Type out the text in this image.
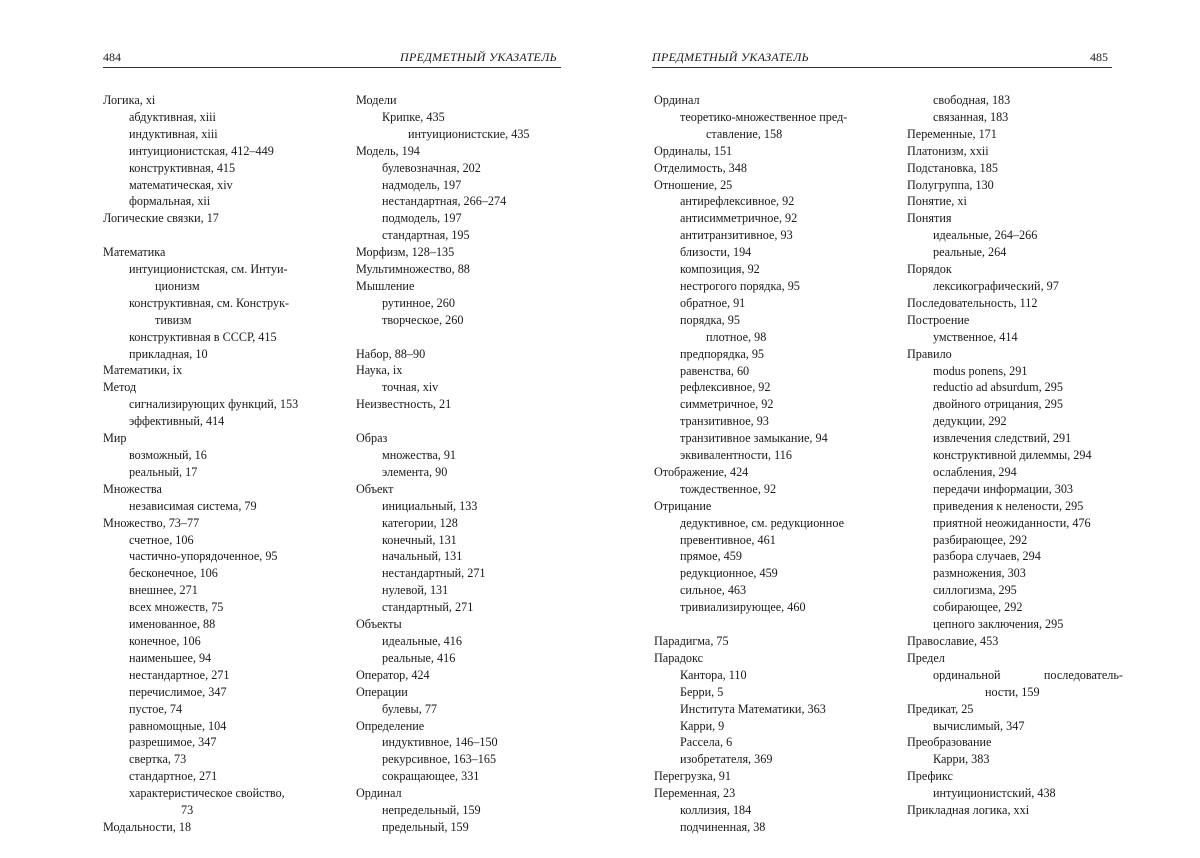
484	ПРЕДМЕТНЫЙ УКАЗАТЕЛЬ
Логика, xi
абдуктивная, xiii
индуктивная, xiii
интуиционистская, 412–449
конструктивная, 415
математическая, xiv
формальная, xii
Логические связки, 17
Математика
интуиционистская, см. Интуи-
ционизм
конструктивная, см. Конструк-
тивизм
конструктивная в СССР, 415
прикладная, 10
Математики, ix
Метод
сигнализирующих функций, 153
эффективный, 414
Мир
возможный, 16
реальный, 17
Множества
независимая система, 79
Множество, 73–77
счетное, 106
частично-упорядоченное, 95
бесконечное, 106
внешнее, 271
всех множеств, 75
именованное, 88
конечное, 106
наименьшее, 94
нестандартное, 271
перечислимое, 347
пустое, 74
равномощные, 104
разрешимое, 347
свертка, 73
стандартное, 271
характеристическое свойство,
73
Модальности, 18
Модели
Крипке, 435
интуиционистские, 435
Модель, 194
булевозначная, 202
надмодель, 197
нестандартная, 266–274
подмодель, 197
стандартная, 195
Морфизм, 128–135
Мультимножество, 88
Мышление
рутинное, 260
творческое, 260
Набор, 88–90
Наука, ix
точная, xiv
Неизвестность, 21
Образ
множества, 91
элемента, 90
Объект
инициальный, 133
категории, 128
конечный, 131
начальный, 131
нестандартный, 271
нулевой, 131
стандартный, 271
Объекты
идеальные, 416
реальные, 416
Оператор, 424
Операции
булевы, 77
Определение
индуктивное, 146–150
рекурсивное, 163–165
сокращающее, 331
Ординал
непредельный, 159
предельный, 159
ПРЕДМЕТНЫЙ УКАЗАТЕЛЬ	485
Ординал
теоретико-множественное пред-
ставление, 158
Ординалы, 151
Отделимость, 348
Отношение, 25
антирефлексивное, 92
антисимметричное, 92
антитранзитивное, 93
близости, 194
композиция, 92
нестрогого порядка, 95
обратное, 91
порядка, 95
плотное, 98
предпорядка, 95
равенства, 60
рефлексивное, 92
симметричное, 92
транзитивное, 93
транзитивное замыкание, 94
эквивалентности, 116
Отображение, 424
тождественное, 92
Отрицание
дедуктивное, см. редукционное
превентивное, 461
прямое, 459
редукционное, 459
сильное, 463
тривиализирующее, 460
Парадигма, 75
Парадокс
Кантора, 110
Берри, 5
Института Математики, 363
Карри, 9
Рассела, 6
изобретателя, 369
Перегрузка, 91
Переменная, 23
коллизия, 184
подчиненная, 38
свободная, 183
связанная, 183
Переменные, 171
Платонизм, xxii
Подстановка, 185
Полугруппа, 130
Понятие, xi
Понятия
идеальные, 264–266
реальные, 264
Порядок
лексикографический, 97
Последовательность, 112
Построение
умственное, 414
Правило
modus ponens, 291
reductio ad absurdum, 295
двойного отрицания, 295
дедукции, 292
извлечения следствий, 291
конструктивной дилеммы, 294
ослабления, 294
передачи информации, 303
приведения к нелености, 295
приятной неожиданности, 476
разбирающее, 292
разбора случаев, 294
размножения, 303
силлогизма, 295
собирающее, 292
цепного заключения, 295
Православие, 453
Предел
ординальной последователь-
ности, 159
Предикат, 25
вычислимый, 347
Преобразование
Карри, 383
Префикс
интуиционистский, 438
Прикладная логика, xxi
